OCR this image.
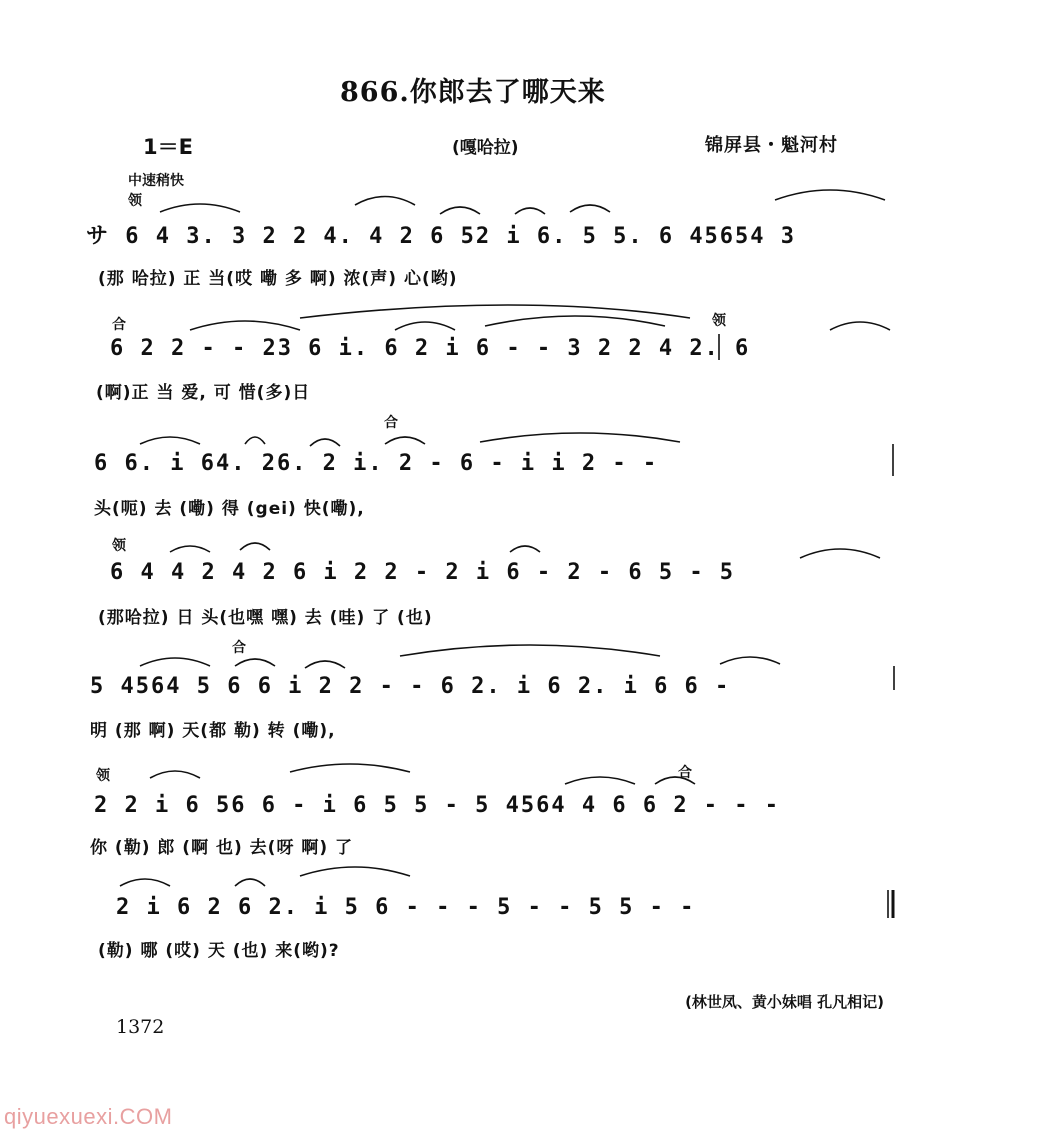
866.你郎去了哪天来
1＝E	(嘎哈拉)	锦屏县・魁河村
中速稍快
领
合	领
合
领
合
领	合
サ 6 4 3. 3 2 2 4. 4 2 6 52 i 6. 5 5. 6 45654 3
(那 哈拉) 正 当(哎 嘞 多 啊) 浓(声) 心(哟)
6 2 2 - - 23 6 i. 6 2 i 6 - - 3 2 2 4 2. 6
(啊)正 当 爱, 可 惜(多)日
6 6. i 64. 26. 2 i. 2 - 6 - i i 2 - -
头(呃) 去 (嘞) 得 (gei) 快(嘞),
6 4 4 2 4 2 6 i 2 2 - 2 i 6 - 2 - 6 5 - 5
(那哈拉) 日 头(也嘿 嘿) 去 (哇) 了 (也)
5 4564 5 6 6 i 2 2 - - 6 2. i 6 2. i 6 6 -
明 (那 啊) 天(都 勒) 转 (嘞),
2 2 i 6 56 6 - i 6 5 5 - 5 4564 4 6 6 2 - - -
你 (勒) 郎 (啊 也) 去(呀 啊) 了
2 i 6 2 6 2. i 5 6 - - - 5 - - 5 5 - -
(勒) 哪 (哎) 天 (也) 来(哟)?
(林世凤、黄小妹唱 孔凡相记)
1372
qiyuexuexi.COM
